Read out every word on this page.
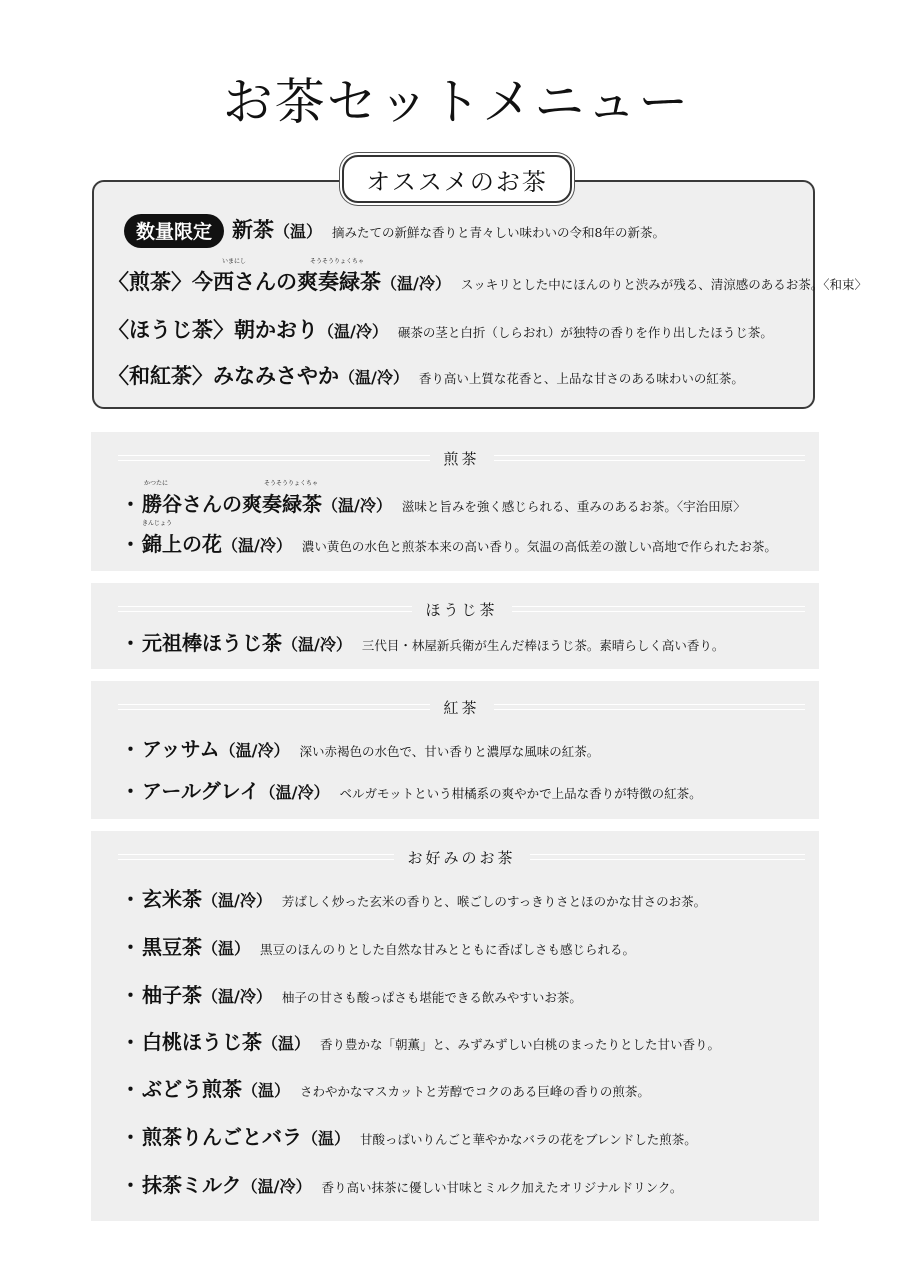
お茶セットメニュー
オススメのお茶
数量限定 新茶 （温） 摘みたての新鮮な香りと青々しい味わいの令和8年の新茶。
〈煎茶〉
いまにし	そうそうりょくちゃ
今西さんの爽奏緑茶 （温/冷） スッキリとした中にほんのりと渋みが残る、清涼感のあるお茶。〈和束〉
〈ほうじ茶〉 朝かおり （温/冷） 碾茶の茎と白折（しらおれ）が独特の香りを作り出したほうじ茶。
〈和紅茶〉 みなみさやか （温/冷） 香り高い上質な花香と、上品な甘さのある味わいの紅茶。
煎茶
・
かつたに	そうそうりょくちゃ
勝谷さんの爽奏緑茶 （温/冷） 滋味と旨みを強く感じられる、重みのあるお茶。〈宇治田原〉
・
きんじょう
錦上の花 （温/冷） 濃い黄色の水色と煎茶本来の高い香り。気温の高低差の激しい高地で作られたお茶。
ほうじ茶
・ 元祖棒ほうじ茶 （温/冷） 三代目・林屋新兵衛が生んだ棒ほうじ茶。素晴らしく高い香り。
紅茶
・ アッサム （温/冷） 深い赤褐色の水色で、甘い香りと濃厚な風味の紅茶。
・ アールグレイ （温/冷） ベルガモットという柑橘系の爽やかで上品な香りが特徴の紅茶。
お好みのお茶
・ 玄米茶 （温/冷） 芳ばしく炒った玄米の香りと、喉ごしのすっきりさとほのかな甘さのお茶。
・ 黒豆茶 （温） 黒豆のほんのりとした自然な甘みとともに香ばしさも感じられる。
・ 柚子茶 （温/冷） 柚子の甘さも酸っぱさも堪能できる飲みやすいお茶。
・ 白桃ほうじ茶 （温） 香り豊かな「朝薫」と、みずみずしい白桃のまったりとした甘い香り。
・ ぶどう煎茶 （温） さわやかなマスカットと芳醇でコクのある巨峰の香りの煎茶。
・ 煎茶りんごとバラ （温） 甘酸っぱいりんごと華やかなバラの花をブレンドした煎茶。
・ 抹茶ミルク （温/冷） 香り高い抹茶に優しい甘味とミルク加えたオリジナルドリンク。
